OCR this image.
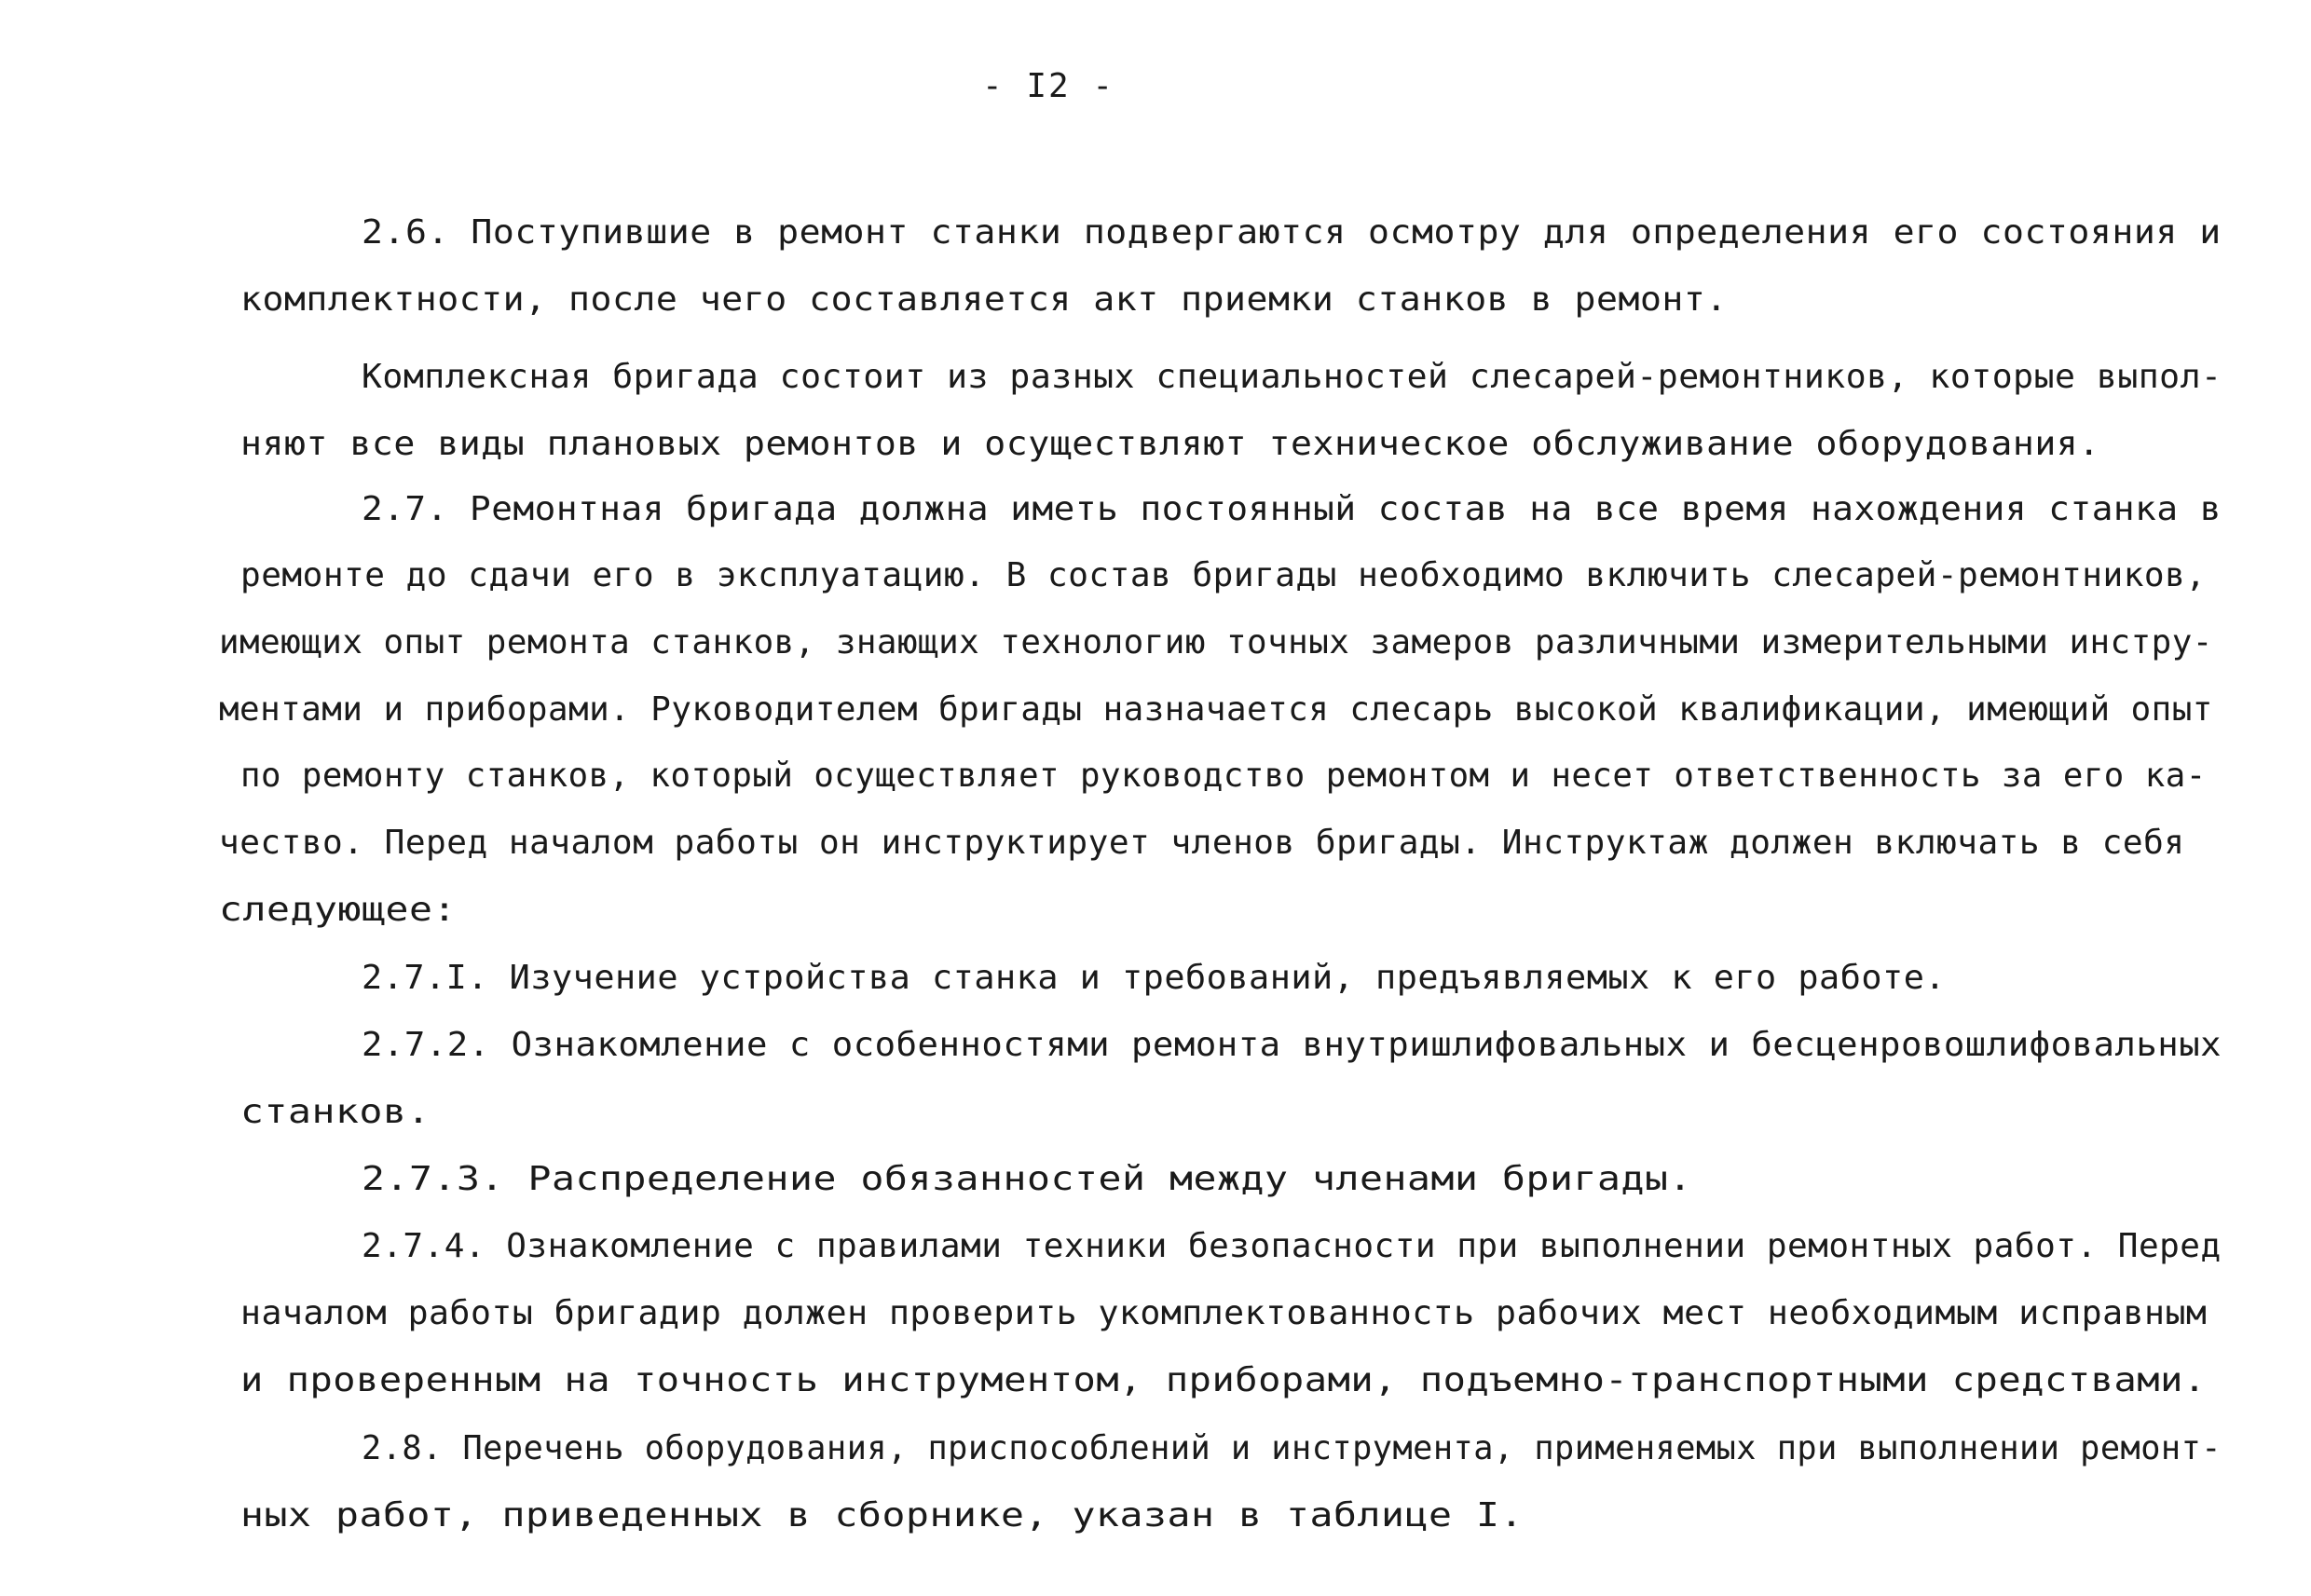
- I2 -
2.6. Поступившие в ремонт станки подвергаются осмотру для определения его состояния и
комплектности, после чего составляется акт приемки станков в ремонт.
Комплексная бригада состоит из разных специальностей слесарей-ремонтников, которые выпол-
няют все виды плановых ремонтов и осуществляют техническое обслуживание оборудования.
2.7. Ремонтная бригада должна иметь постоянный состав на все время нахождения станка в
ремонте до сдачи его в эксплуатацию. В состав бригады необходимо включить слесарей-ремонтников,
имеющих опыт ремонта станков, знающих технологию точных замеров различными измерительными инстру-
ментами и приборами. Руководителем бригады назначается слесарь высокой квалификации, имеющий опыт
по ремонту станков, который осуществляет руководство ремонтом и несет ответственность за его ка-
чество. Перед началом работы он инструктирует членов бригады. Инструктаж должен включать в себя
следующее:
2.7.I. Изучение устройства станка и требований, предъявляемых к его работе.
2.7.2. Ознакомление с особенностями ремонта внутришлифовальных и бесценровошлифовальных
станков.
2.7.3. Распределение обязанностей между членами бригады.
2.7.4. Ознакомление с правилами техники безопасности при выполнении ремонтных работ. Перед
началом работы бригадир должен проверить укомплектованность рабочих мест необходимым исправным
и проверенным на точность инструментом, приборами, подъемно-транспортными средствами.
2.8. Перечень оборудования, приспособлений и инструмента, применяемых при выполнении ремонт-
ных работ, приведенных в сборнике, указан в таблице I.
